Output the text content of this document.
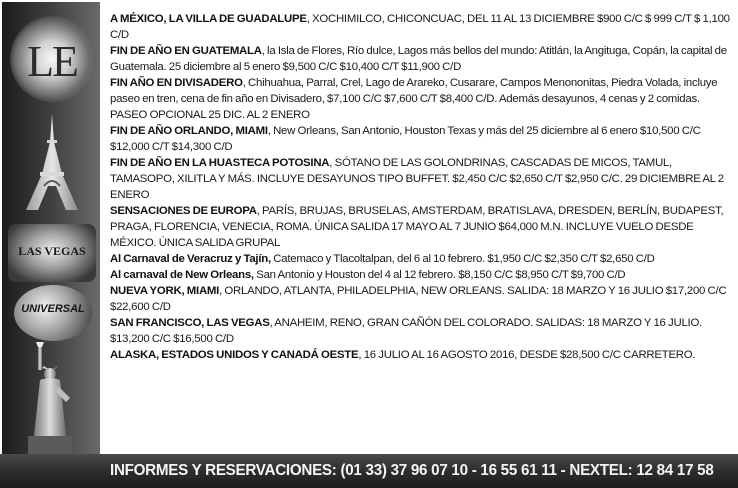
LE
LAS VEGAS
UNIVERSAL

A MÉXICO, LA VILLA DE GUADALUPE, XOCHIMILCO, CHICONCUAC, DEL 11 AL 13 DICIEMBRE $900 C/C $ 999 C/T $ 1,100 C/D

FIN DE AÑO EN GUATEMALA, la Isla de Flores, Río dulce, Lagos más bellos del mundo: Atitlán, la Angituga, Copán, la capital de Guatemala. 25 diciembre al 5 enero $9,500 C/C $10,400 C/T $11,900 C/D

FIN AÑO EN DIVISADERO, Chihuahua, Parral, Crel, Lago de Arareko, Cusarare, Campos Menononitas, Piedra Volada, incluye paseo en tren, cena de fin año en Divisadero, $7,100 C/C $7,600 C/T $8,400 C/D. Además desayunos, 4 cenas y 2 comidas. PASEO OPCIONAL 25 DIC. AL 2 ENERO

FIN DE AÑO ORLANDO, MIAMI, New Orleans, San Antonio, Houston Texas y más del 25 diciembre al 6 enero $10,500 C/C $12,000 C/T $14,300 C/D

FIN DE AÑO EN LA HUASTECA POTOSINA, SÓTANO DE LAS GOLONDRINAS, CASCADAS DE MICOS, TAMUL, TAMASOPO, XILITLA Y MÁS. INCLUYE DESAYUNOS TIPO BUFFET. $2,450 C/C $2,650 C/T $2,950 C/C. 29 DICIEMBRE AL 2 ENERO

SENSACIONES DE EUROPA, PARÍS, BRUJAS, BRUSELAS, AMSTERDAM, BRATISLAVA, DRESDEN, BERLÍN, BUDAPEST, PRAGA, FLORENCIA, VENECIA, ROMA. ÚNICA SALIDA 17 MAYO AL 7 JUNIO $64,000 M.N. INCLUYE VUELO DESDE MÉXICO. ÚNICA SALIDA GRUPAL

Al Carnaval de Veracruz y Tajín, Catemaco y Tlacoltalpan, del 6 al 10 febrero. $1,950 C/C $2,350 C/T $2,650 C/D

Al carnaval de New Orleans, San Antonio y Houston del 4 al 12 febrero. $8,150 C/C $8,950 C/T $9,700 C/D

NUEVA YORK, MIAMI, ORLANDO, ATLANTA, PHILADELPHIA, NEW ORLEANS. SALIDA: 18 MARZO Y 16 JULIO $17,200 C/C $22,600 C/D

SAN FRANCISCO, LAS VEGAS, ANAHEIM, RENO, GRAN CAÑÓN DEL COLORADO. SALIDAS: 18 MARZO Y 16 JULIO. $13,200 C/C $16,500 C/D

ALASKA, ESTADOS UNIDOS Y CANADÁ OESTE, 16 JULIO AL 16 AGOSTO 2016, DESDE $28,500 C/C CARRETERO.

INFORMES Y RESERVACIONES: (01 33) 37 96 07 10 - 16 55 61 11 - NEXTEL: 12 84 17 58
